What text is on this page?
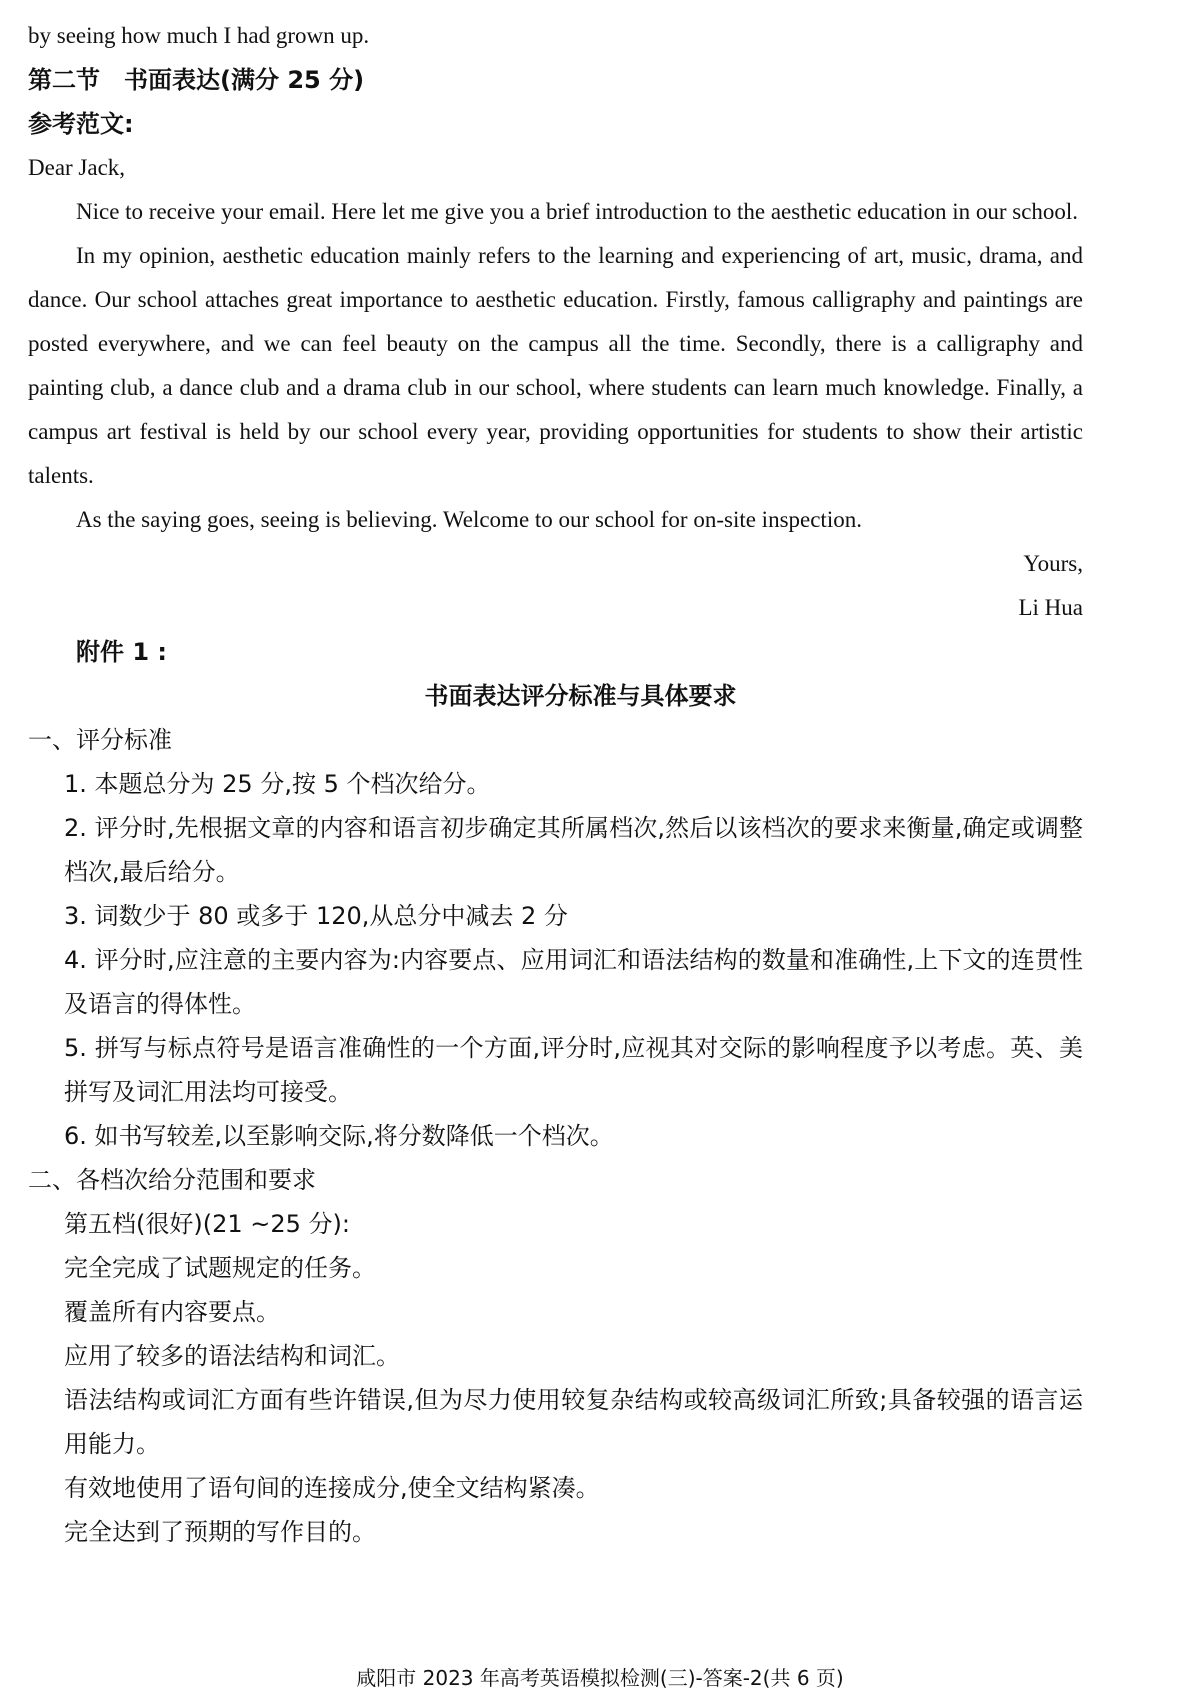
by seeing how much I had grown up.
第二节　书面表达(满分 25 分)
参考范文:
Dear Jack,
Nice to receive your email. Here let me give you a brief introduction to the aesthetic education in our school.
In my opinion, aesthetic education mainly refers to the learning and experiencing of art, music, drama, and dance. Our school attaches great importance to aesthetic education. Firstly, famous calligraphy and paintings are posted everywhere, and we can feel beauty on the campus all the time. Secondly, there is a calligraphy and painting club, a dance club and a drama club in our school, where students can learn much knowledge. Finally, a campus art festival is held by our school every year, providing opportunities for students to show their artistic talents.
As the saying goes, seeing is believing. Welcome to our school for on-site inspection.
Yours,
Li Hua
附件 1 :
书面表达评分标准与具体要求
一、评分标准
1. 本题总分为 25 分,按 5 个档次给分。
2. 评分时,先根据文章的内容和语言初步确定其所属档次,然后以该档次的要求来衡量,确定或调整档次,最后给分。
3. 词数少于 80 或多于 120,从总分中减去 2 分
4. 评分时,应注意的主要内容为:内容要点、应用词汇和语法结构的数量和准确性,上下文的连贯性及语言的得体性。
5. 拼写与标点符号是语言准确性的一个方面,评分时,应视其对交际的影响程度予以考虑。英、美拼写及词汇用法均可接受。
6. 如书写较差,以至影响交际,将分数降低一个档次。
二、各档次给分范围和要求
第五档(很好)(21 ~25 分):
完全完成了试题规定的任务。
覆盖所有内容要点。
应用了较多的语法结构和词汇。
语法结构或词汇方面有些许错误,但为尽力使用较复杂结构或较高级词汇所致;具备较强的语言运用能力。
有效地使用了语句间的连接成分,使全文结构紧凑。
完全达到了预期的写作目的。
咸阳市 2023 年高考英语模拟检测(三)-答案-2(共 6 页)
